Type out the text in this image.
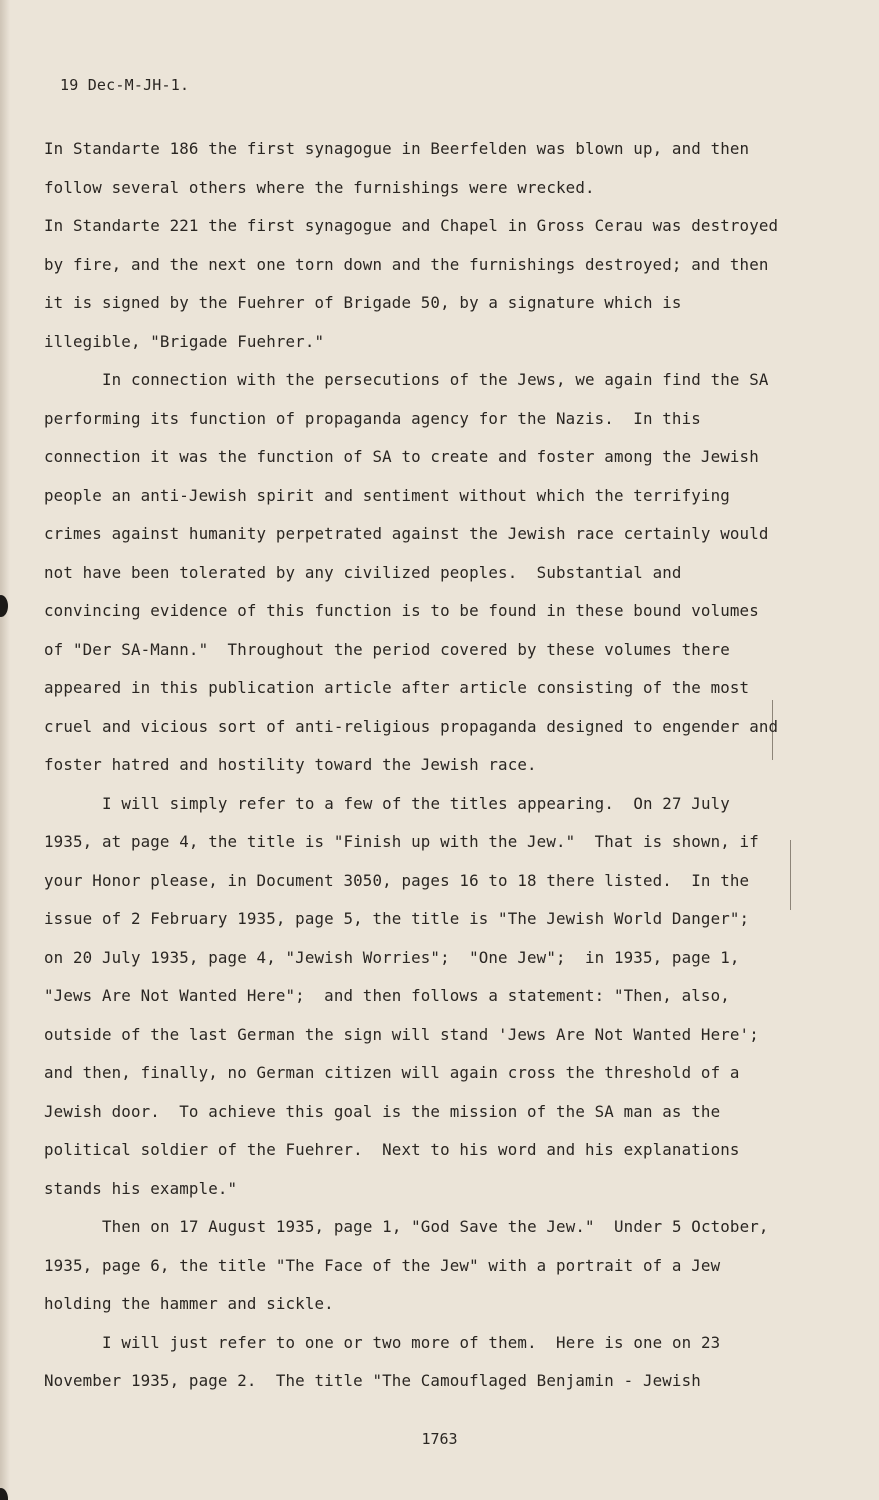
19 Dec-M-JH-1.

In Standarte 186 the first synagogue in Beerfelden was blown up, and then follow several others where the furnishings were wrecked.

In Standarte 221 the first synagogue and Chapel in Gross Cerau was destroyed by fire, and the next one torn down and the furnishings destroyed; and then it is signed by the Fuehrer of Brigade 50, by a signature which is illegible, "Brigade Fuehrer."

In connection with the persecutions of the Jews, we again find the SA performing its function of propaganda agency for the Nazis.  In this connection it was the function of SA to create and foster among the Jewish people an anti-Jewish spirit and sentiment without which the terrifying crimes against humanity perpetrated against the Jewish race certainly would not have been tolerated by any civilized peoples.  Substantial and convincing evidence of this function is to be found in these bound volumes of "Der SA-Mann."  Throughout the period covered by these volumes there appeared in this publication article after article consisting of the most cruel and vicious sort of anti-religious propaganda designed to engender and foster hatred and hostility toward the Jewish race.

I will simply refer to a few of the titles appearing.  On 27 July 1935, at page 4, the title is "Finish up with the Jew."  That is shown, if your Honor please, in Document 3050, pages 16 to 18 there listed.  In the issue of 2 February 1935, page 5, the title is "The Jewish World Danger";  on 20 July 1935, page 4, "Jewish Worries";  "One Jew";  in 1935, page 1, "Jews Are Not Wanted Here";  and then follows a statement: "Then, also, outside of the last German the sign will stand 'Jews Are Not Wanted Here';  and then, finally, no German citizen will again cross the threshold of a Jewish door.  To achieve this goal is the mission of the SA man as the political soldier of the Fuehrer.  Next to his word and his explanations stands his example."

Then on 17 August 1935, page 1, "God Save the Jew."  Under 5 October, 1935, page 6, the title "The Face of the Jew" with a portrait of a Jew holding the hammer and sickle.

I will just refer to one or two more of them.  Here is one on 23 November 1935, page 2.  The title "The Camouflaged Benjamin - Jewish

1763
